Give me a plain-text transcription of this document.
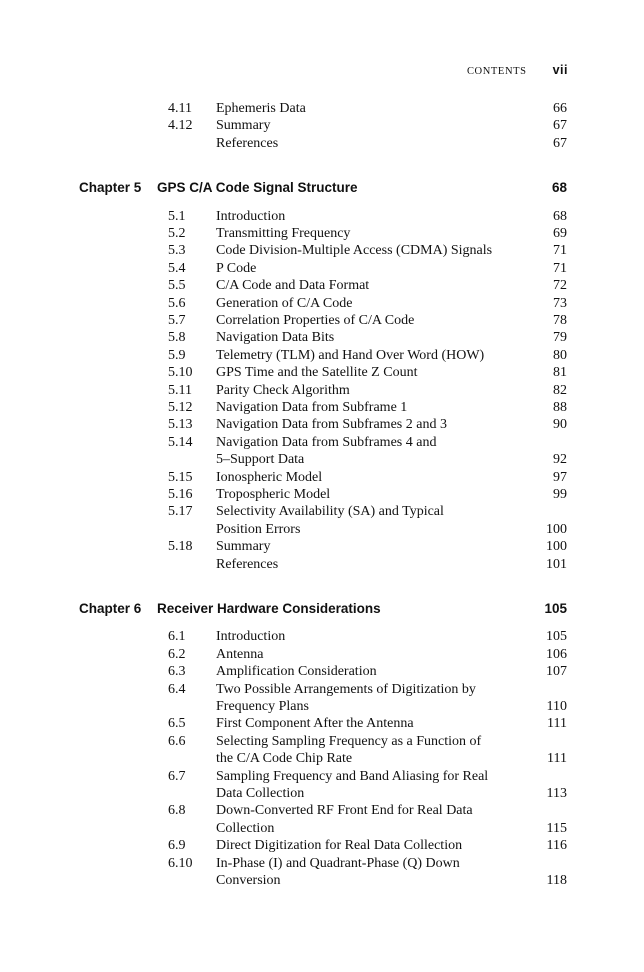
CONTENTS vii
4.11 Ephemeris Data	66
4.12 Summary	67
References	67
Chapter 5 GPS C/A Code Signal Structure	68
5.1 Introduction	68
5.2 Transmitting Frequency	69
5.3 Code Division-Multiple Access (CDMA) Signals	71
5.4 P Code	71
5.5 C/A Code and Data Format	72
5.6 Generation of C/A Code	73
5.7 Correlation Properties of C/A Code	78
5.8 Navigation Data Bits	79
5.9 Telemetry (TLM) and Hand Over Word (HOW)	80
5.10 GPS Time and the Satellite Z Count	81
5.11 Parity Check Algorithm	82
5.12 Navigation Data from Subframe 1	88
5.13 Navigation Data from Subframes 2 and 3	90
5.14 Navigation Data from Subframes 4 and
5–Support Data	92
5.15 Ionospheric Model	97
5.16 Tropospheric Model	99
5.17 Selectivity Availability (SA) and Typical
Position Errors	100
5.18 Summary	100
References	101
Chapter 6 Receiver Hardware Considerations	105
6.1 Introduction	105
6.2 Antenna	106
6.3 Amplification Consideration	107
6.4 Two Possible Arrangements of Digitization by
Frequency Plans	110
6.5 First Component After the Antenna	111
6.6 Selecting Sampling Frequency as a Function of
the C/A Code Chip Rate	111
6.7 Sampling Frequency and Band Aliasing for Real
Data Collection	113
6.8 Down-Converted RF Front End for Real Data
Collection	115
6.9 Direct Digitization for Real Data Collection	116
6.10 In-Phase (I) and Quadrant-Phase (Q) Down
Conversion	118
